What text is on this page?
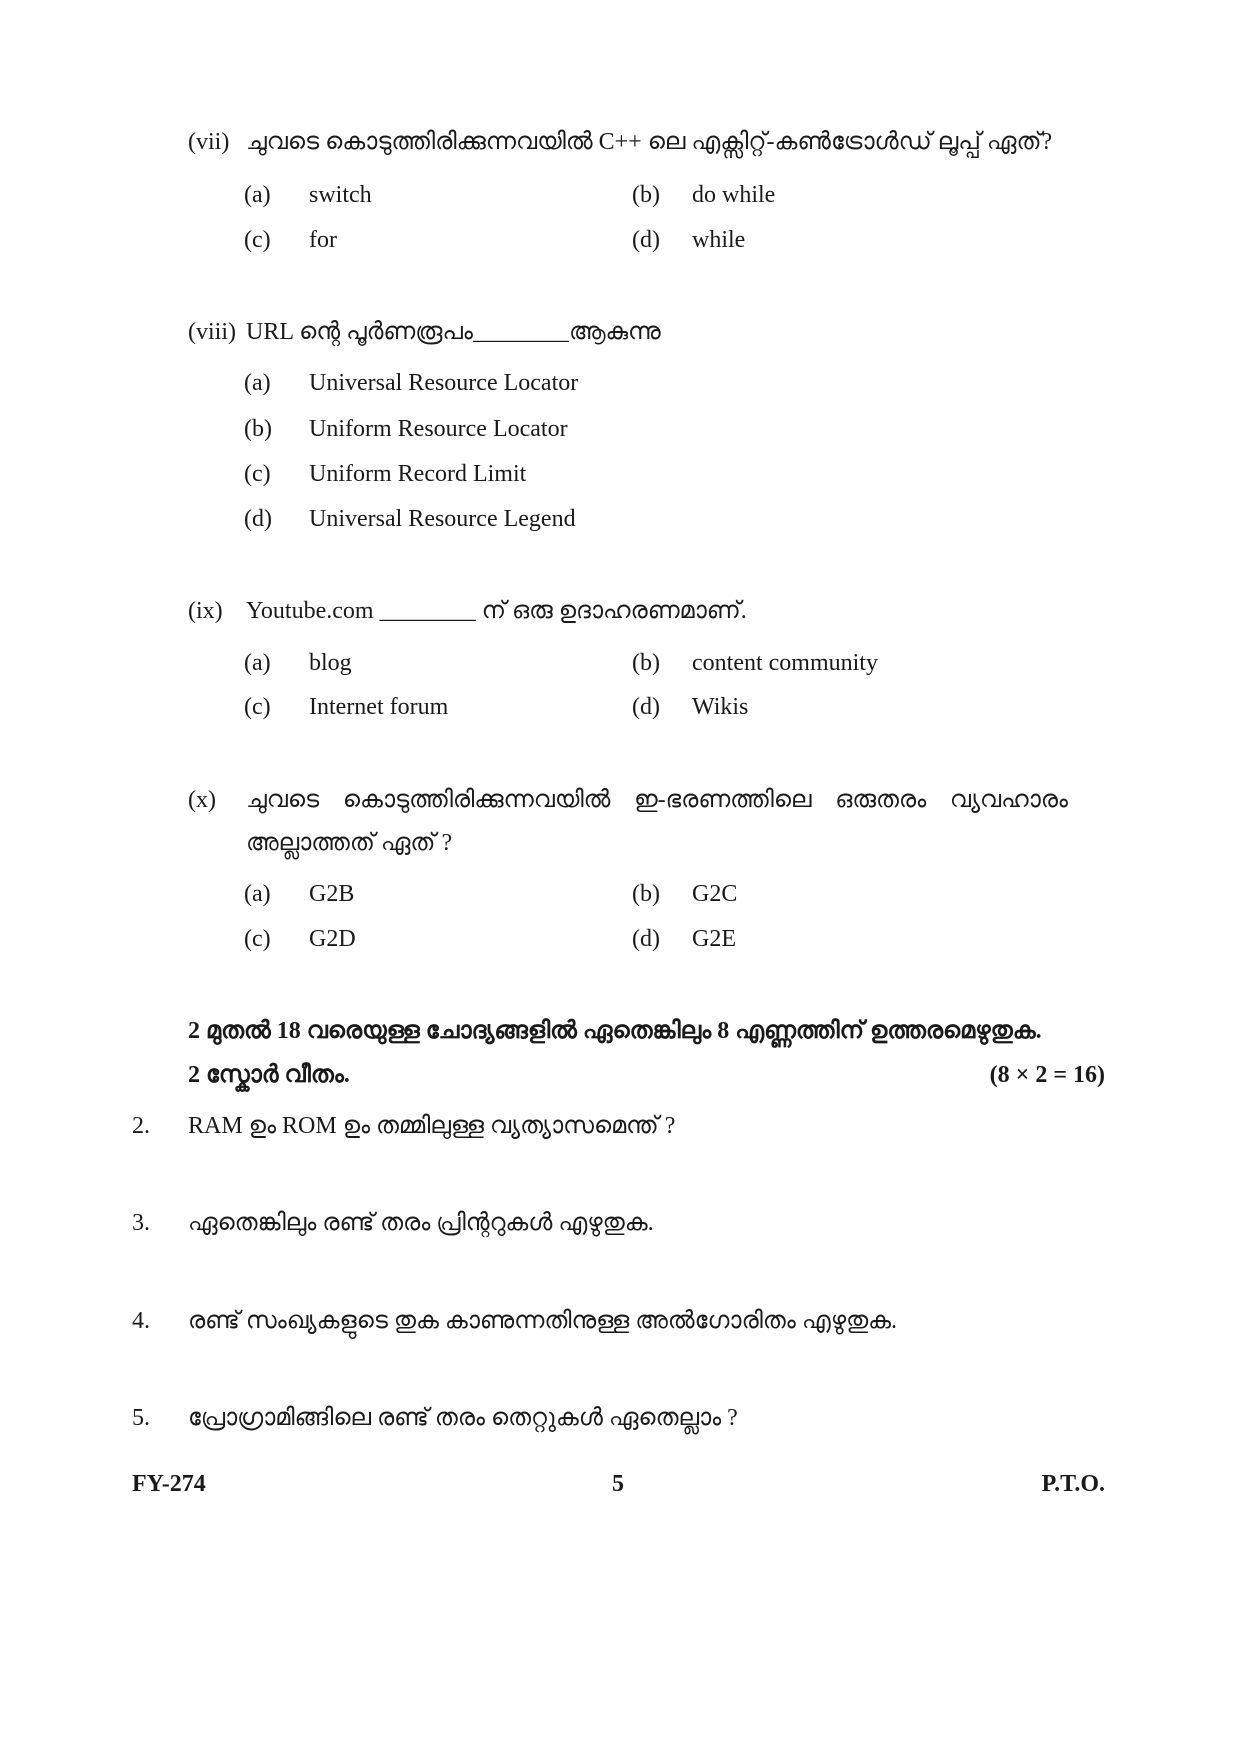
(vii) ചുവടെ കൊടുത്തിരിക്കുന്നവയിൽ C++ ലെ എക്സിറ്റ്-കൺട്രോൾഡ് ലൂപ്പ് ഏത്?
(a) switch	(b) do while
(c) for	(d) while
(viii) URL ന്റെ പൂർണരൂപം________ആകുന്നു
(a) Universal Resource Locator
(b) Uniform Resource Locator
(c) Uniform Record Limit
(d) Universal Resource Legend
(ix) Youtube.com ________ ന് ഒരു ഉദാഹരണമാണ്.
(a) blog	(b) content community
(c) Internet forum	(d) Wikis
(x) ചുവടെ കൊടുത്തിരിക്കുന്നവയിൽ ഇ-ഭരണത്തിലെ ഒരുതരം വ്യവഹാരം
അല്ലാത്തത് ഏത് ?
(a) G2B	(b) G2C
(c) G2D	(d) G2E
2 മുതൽ 18 വരെയുള്ള ചോദ്യങ്ങളിൽ ഏതെങ്കിലും 8 എണ്ണത്തിന് ഉത്തരമെഴുതുക.
2 സ്കോർ വീതം.	(8 × 2 = 16)
2. RAM ഉം ROM ഉം തമ്മിലുള്ള വ്യത്യാസമെന്ത് ?
3. ഏതെങ്കിലും രണ്ട് തരം പ്രിന്ററുകൾ എഴുതുക.
4. രണ്ട് സംഖ്യകളുടെ തുക കാണുന്നതിനുള്ള അൽഗോരിതം എഴുതുക.
5. പ്രോഗ്രാമിങ്ങിലെ രണ്ട് തരം തെറ്റുകൾ ഏതെല്ലാം ?
FY-274	5	P.T.O.
